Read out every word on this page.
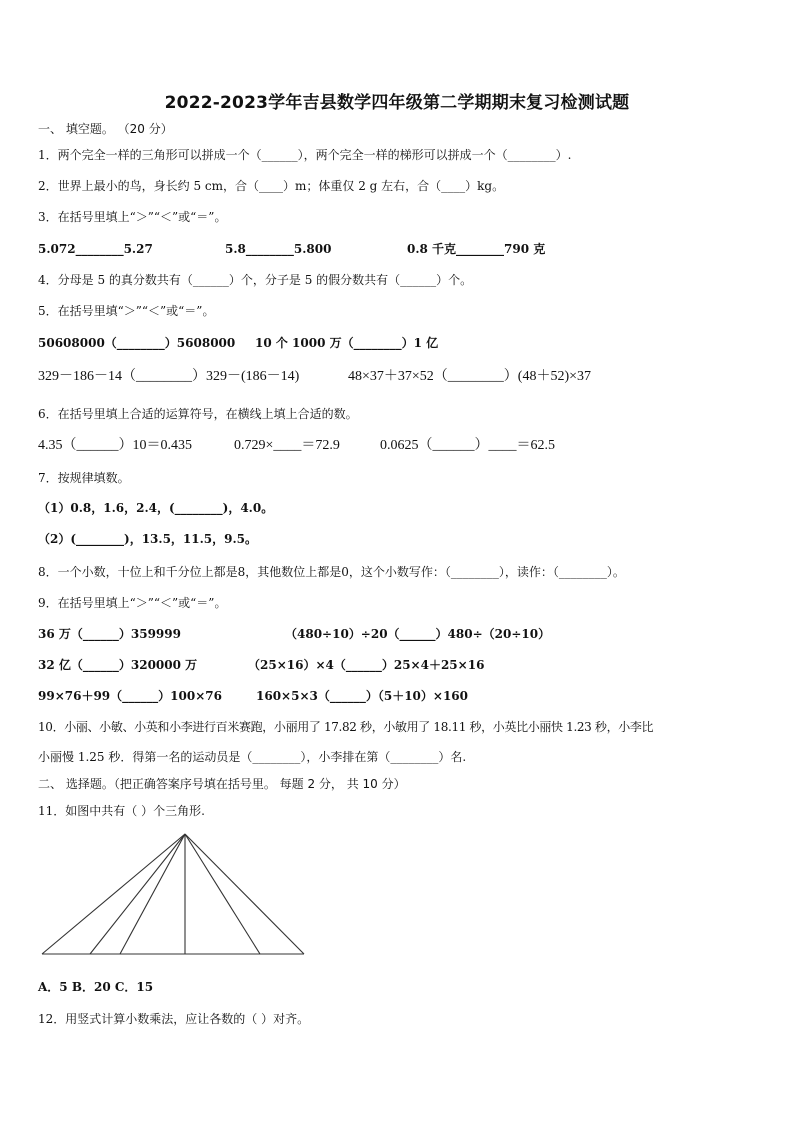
2022-2023学年吉县数学四年级第二学期期末复习检测试题
一、 填空题。 （20 分）
1．两个完全一样的三角形可以拼成一个（______），两个完全一样的梯形可以拼成一个（________）.
2．世界上最小的鸟，身长约 5 cm，合（____）m；体重仅 2 g 左右，合（____）kg。
3．在括号里填上“＞”“＜”或“＝”。
5.072________5.27	5.8________5.800	0.8 千克________790 克
4．分母是 5 的真分数共有（______）个，分子是 5 的假分数共有（______）个。
5．在括号里填“＞”“＜”或“＝”。
50608000（________）5608000 10 个 1000 万（________）1 亿
329－186－14（________）329－(186－14)	48×37＋37×52（________）(48＋52)×37
6．在括号里填上合适的运算符号，在横线上填上合适的数。
4.35（______）10＝0.435	0.729×____＝72.9	0.0625（______）____＝62.5
7．按规律填数。
（1）0.8，1.6，2.4，(________)，4.0。
（2）(________)，13.5，11.5，9.5。
8．一个小数，十位上和千分位上都是8，其他数位上都是0，这个小数写作：（________），读作：（________）。
9．在括号里填上“＞”“＜”或“＝”。
36 万（______）359999	（480÷10）÷20（______）480÷（20÷10）
32 亿（______）320000 万	（25×16）×4（______）25×4＋25×16
99×76＋99（______）100×76	160×5×3（______）（5＋10）×160
10．小丽、小敏、小英和小李进行百米赛跑，小丽用了 17.82 秒，小敏用了 18.11 秒，小英比小丽快 1.23 秒，小李比
小丽慢 1.25 秒．得第一名的运动员是（________），小李排在第（________）名.
二、 选择题。（把正确答案序号填在括号里。 每题 2 分， 共 10 分）
11．如图中共有（ ）个三角形.
A．5 B．20 C．15
12．用竖式计算小数乘法，应让各数的（ ）对齐。
